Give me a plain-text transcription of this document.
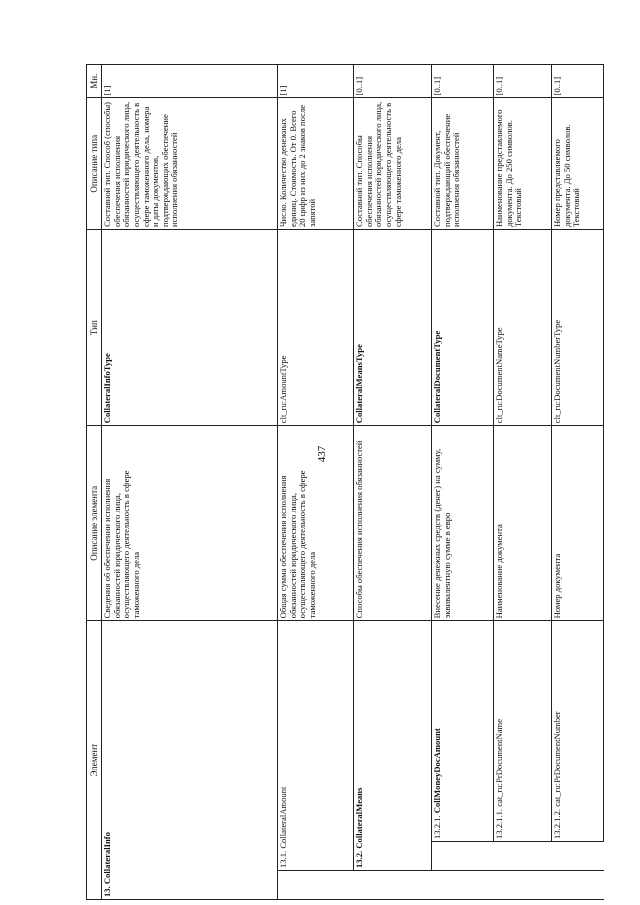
437
Элемент			Описание элемента	Тип	Описание типа	Мн.
13. CollateralInfo			Сведения об обеспечении исполнения обязанностей юридического лица, осуществляющего деятельность в сфере таможенного дела	CollateralInfoType	Составной тип. Способ (способы) обеспечения исполнения обязанностей юридического лица, осуществляющего деятельность в сфере таможенного дела, номера и даты документов, подтверждающих обеспечение исполнения обязанностей	[1]
	13.1. CollateralAmount		Общая сумма обеспечения исполнения обязанностей юридического лица, осуществляющего деятельность в сфере таможенного дела	clt_ru:AmountType	Число. Количество денежных единиц. Стоимость. От 0. Всего 20 цифр из них до 2 знаков после запятой	[1]
	13.2. CollateralMeans		Способы обеспечения исполнения обязанностей	CollateralMeansType	Составной тип. Способы обеспечения исполнения обязанностей юридического лица, осуществляющего деятельность в сфере таможенного дела	[0..1]
		13.2.1. CollMoneyDocAmount	Внесение денежных средств (денег) на сумму, эквивалентную сумме в евро	CollateralDocumentType	Составной тип. Документ, подтверждающий обеспечение исполнения обязанностей	[0..1]
		13.2.1.1. cat_ru:PrDocumentName	Наименование документа	clt_ru:DocumentNameType	Наименование представляемого документа. До 250 символов. Текстовый	[0..1]
		13.2.1.2. cat_ru:PrDocumentNumber	Номер документа	clt_ru:DocumentNumberType	Номер представляемого документа. До 50 символов. Текстовый	[0..1]
